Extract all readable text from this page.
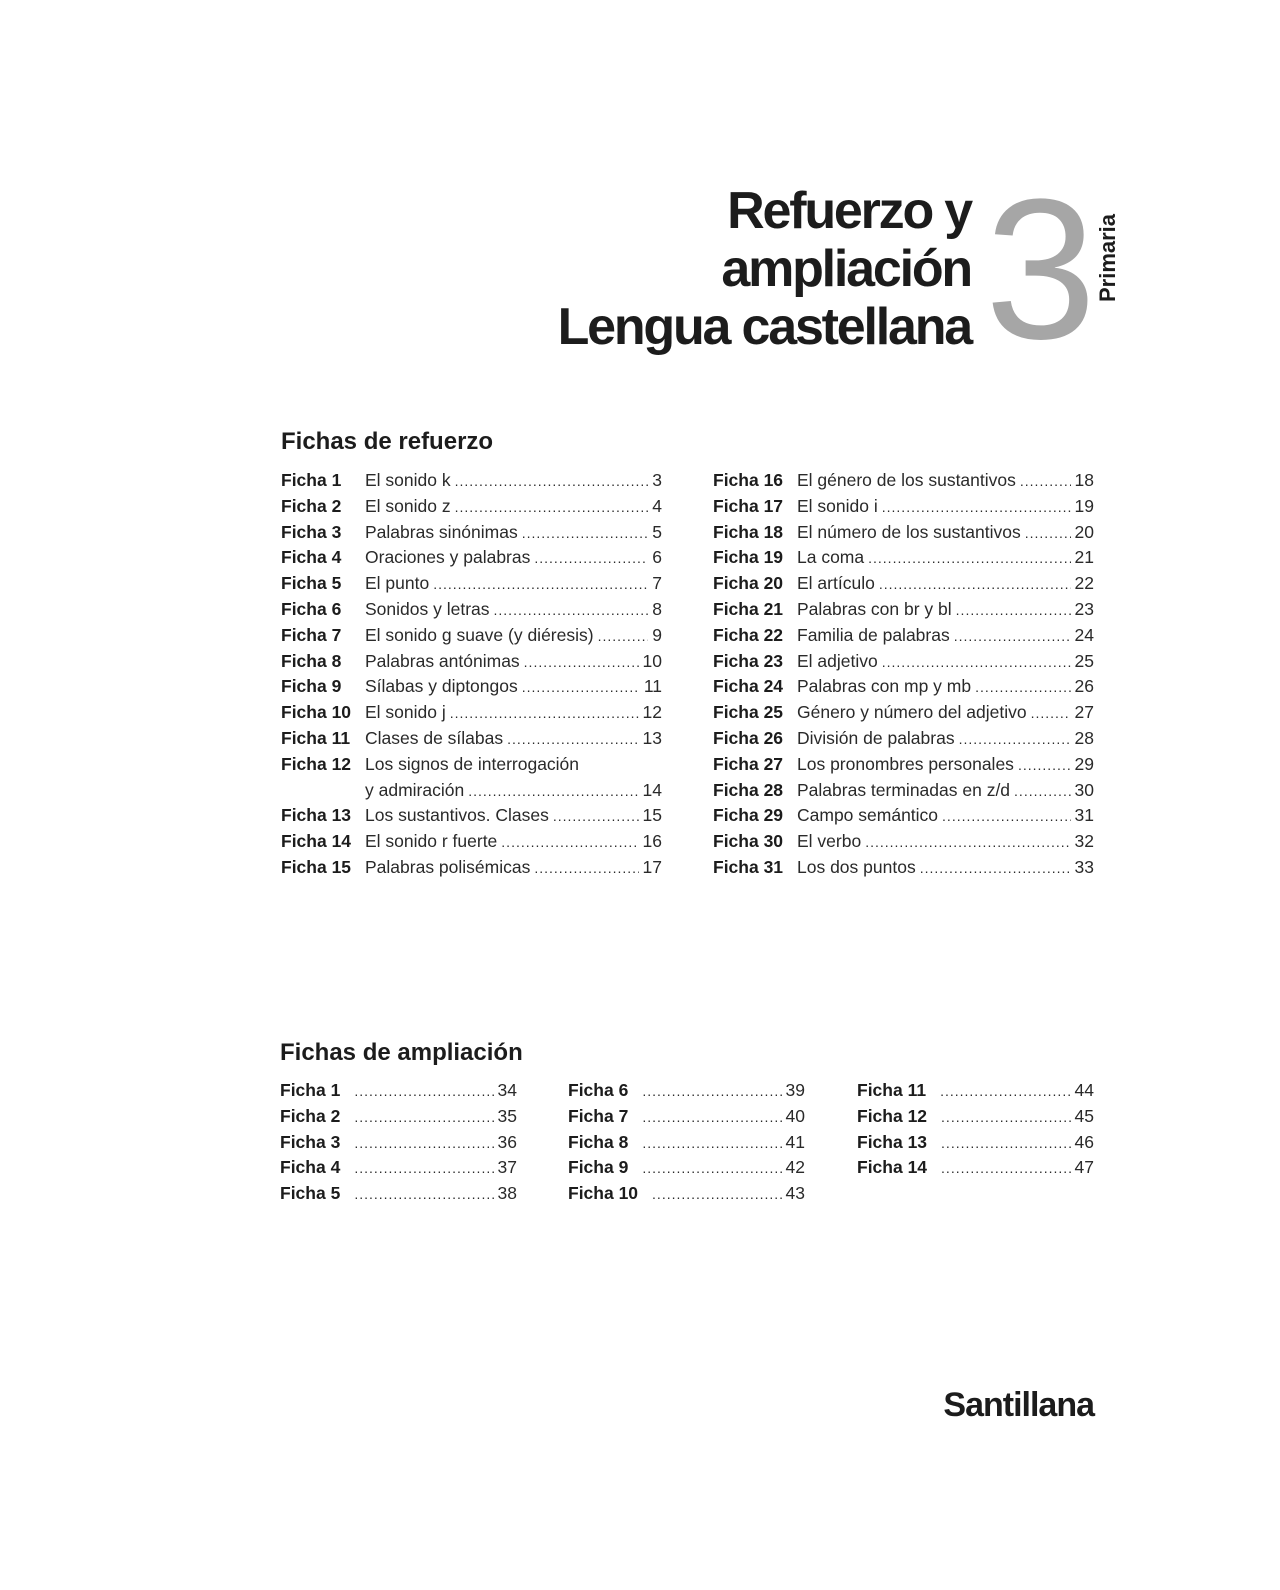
Refuerzo y
ampliación
Lengua castellana 3
Primaria
Fichas de refuerzo
Ficha 1	El sonido k .....	3
Ficha 2	El sonido z .....	4
Ficha 3	Palabras sinónimas .....	5
Ficha 4	Oraciones y palabras .....	6
Ficha 5	El punto .....	7
Ficha 6	Sonidos y letras .....	8
Ficha 7	El sonido g suave (y diéresis) .....	9
Ficha 8	Palabras antónimas .....	10
Ficha 9	Sílabas y diptongos .....	11
Ficha 10 El sonido j .....	12
Ficha 11 Clases de sílabas .....	13
Ficha 12 Los signos de interrogación
y admiración .....	14
Ficha 13 Los sustantivos. Clases .....	15
Ficha 14 El sonido r fuerte .....	16
Ficha 15 Palabras polisémicas .....	17
Ficha 16 El género de los sustantivos .....	18
Ficha 17 El sonido i .....	19
Ficha 18 El número de los sustantivos .....	20
Ficha 19 La coma .....	21
Ficha 20 El artículo .....	22
Ficha 21 Palabras con br y bl .....	23
Ficha 22 Familia de palabras .....	24
Ficha 23 El adjetivo .....	25
Ficha 24 Palabras con mp y mb .....	26
Ficha 25 Género y número del adjetivo .....	27
Ficha 26 División de palabras .....	28
Ficha 27 Los pronombres personales .....	29
Ficha 28 Palabras terminadas en z/d .....	30
Ficha 29 Campo semántico .....	31
Ficha 30 El verbo .....	32
Ficha 31 Los dos puntos .....	33
Fichas de ampliación
Ficha 1 .....	34
Ficha 2 .....	35
Ficha 3 .....	36
Ficha 4 .....	37
Ficha 5 .....	38
Ficha 6 .....	39
Ficha 7 .....	40
Ficha 8 .....	41
Ficha 9 .....	42
Ficha 10 .....	43
Ficha 11 .....	44
Ficha 12 .....	45
Ficha 13 .....	46
Ficha 14 .....	47
Santillana
